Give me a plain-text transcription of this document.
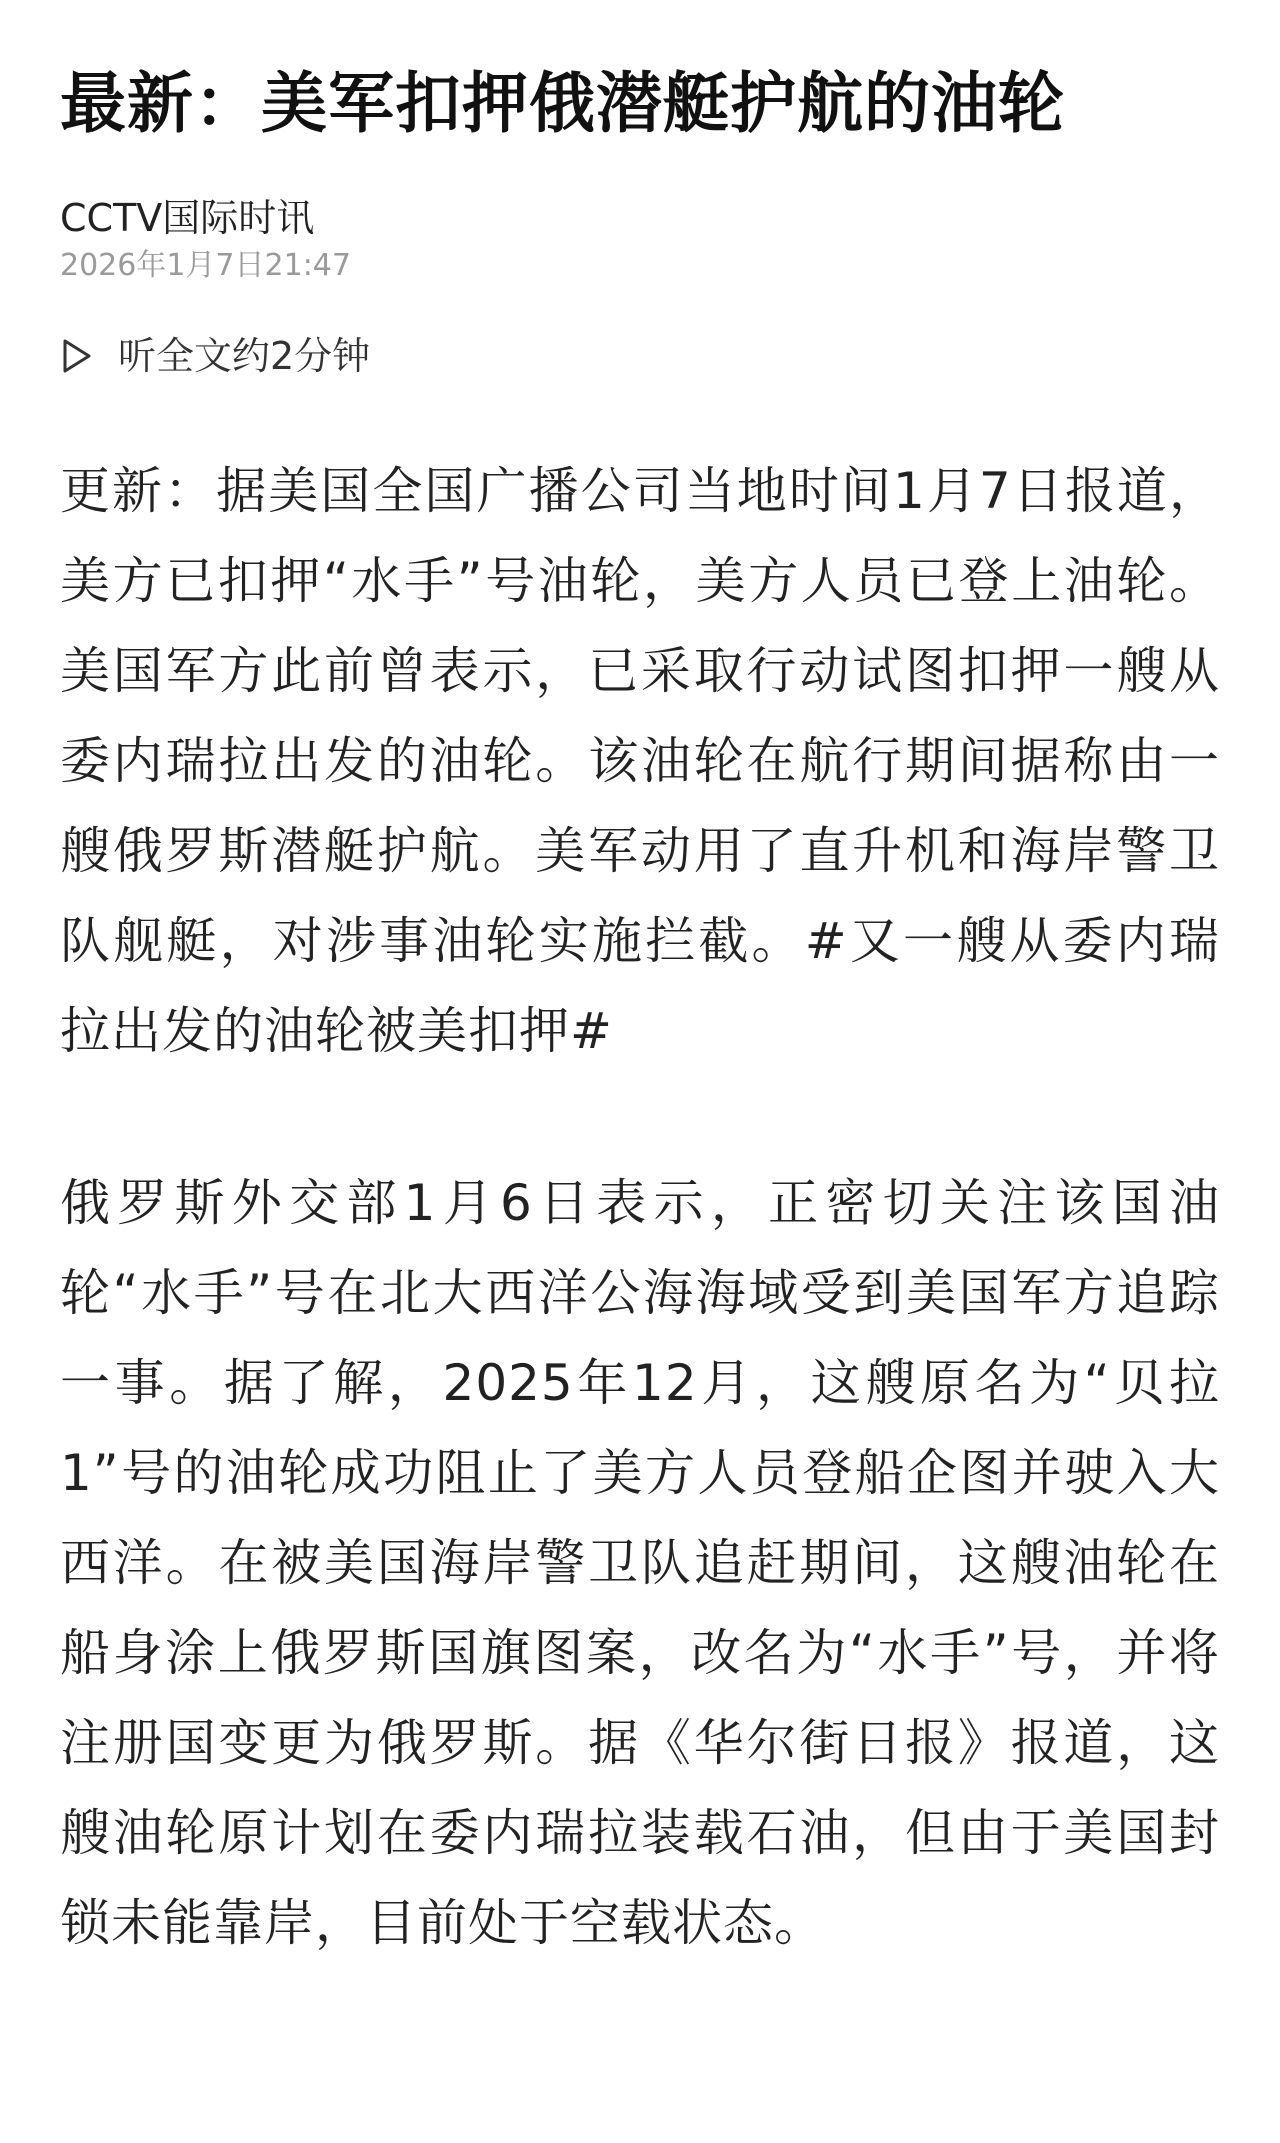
最新：美军扣押俄潜艇护航的油轮
CCTV国际时讯
2026年1月7日21:47
听全文约2分钟

更新：据美国全国广播公司当地时间1月7日报道，美方已扣押“水手”号油轮，美方人员已登上油轮。美国军方此前曾表示，已采取行动试图扣押一艘从委内瑞拉出发的油轮。该油轮在航行期间据称由一艘俄罗斯潜艇护航。美军动用了直升机和海岸警卫队舰艇，对涉事油轮实施拦截。#又一艘从委内瑞拉出发的油轮被美扣押#

俄罗斯外交部1月6日表示，正密切关注该国油轮“水手”号在北大西洋公海海域受到美国军方追踪一事。据了解，2025年12月，这艘原名为“贝拉1”号的油轮成功阻止了美方人员登船企图并驶入大西洋。在被美国海岸警卫队追赶期间，这艘油轮在船身涂上俄罗斯国旗图案，改名为“水手”号，并将注册国变更为俄罗斯。据《华尔街日报》报道，这艘油轮原计划在委内瑞拉装载石油，但由于美国封锁未能靠岸，目前处于空载状态。
